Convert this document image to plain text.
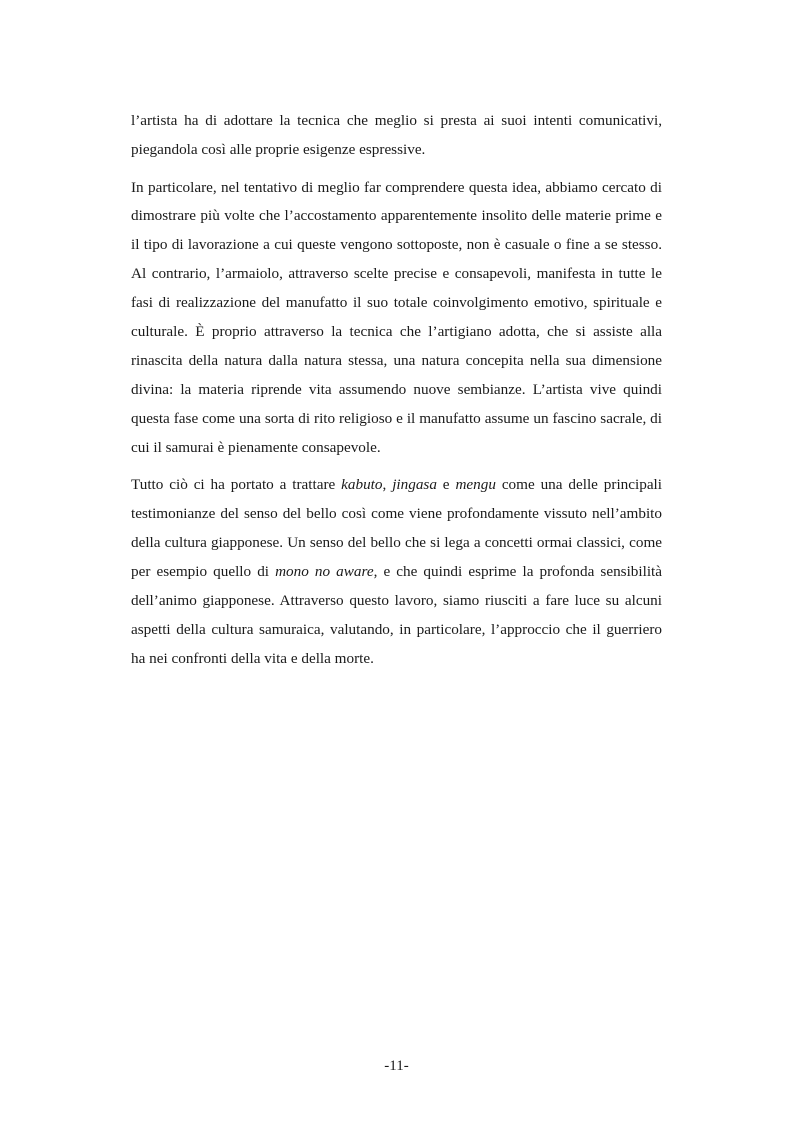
l’artista ha di adottare la tecnica che meglio si presta ai suoi intenti comunicativi, piegandola così alle proprie esigenze espressive.

In particolare, nel tentativo di meglio far comprendere questa idea, abbiamo cercato di dimostrare più volte che l’accostamento apparentemente insolito delle materie prime e il tipo di lavorazione a cui queste vengono sottoposte, non è casuale o fine a se stesso. Al contrario, l’armaiolo, attraverso scelte precise e consapevoli, manifesta in tutte le fasi di realizzazione del manufatto il suo totale coinvolgimento emotivo, spirituale e culturale. È proprio attraverso la tecnica che l’artigiano adotta, che si assiste alla rinascita della natura dalla natura stessa, una natura concepita nella sua dimensione divina: la materia riprende vita assumendo nuove sembianze. L’artista vive quindi questa fase come una sorta di rito religioso e il manufatto assume un fascino sacrale, di cui il samurai è pienamente consapevole.

Tutto ciò ci ha portato a trattare kabuto, jingasa e mengu come una delle principali testimonianze del senso del bello così come viene profondamente vissuto nell’ambito della cultura giapponese. Un senso del bello che si lega a concetti ormai classici, come per esempio quello di mono no aware, e che quindi esprime la profonda sensibilità dell’animo giapponese. Attraverso questo lavoro, siamo riusciti a fare luce su alcuni aspetti della cultura samuraica, valutando, in particolare, l’approccio che il guerriero ha nei confronti della vita e della morte.

-11-
